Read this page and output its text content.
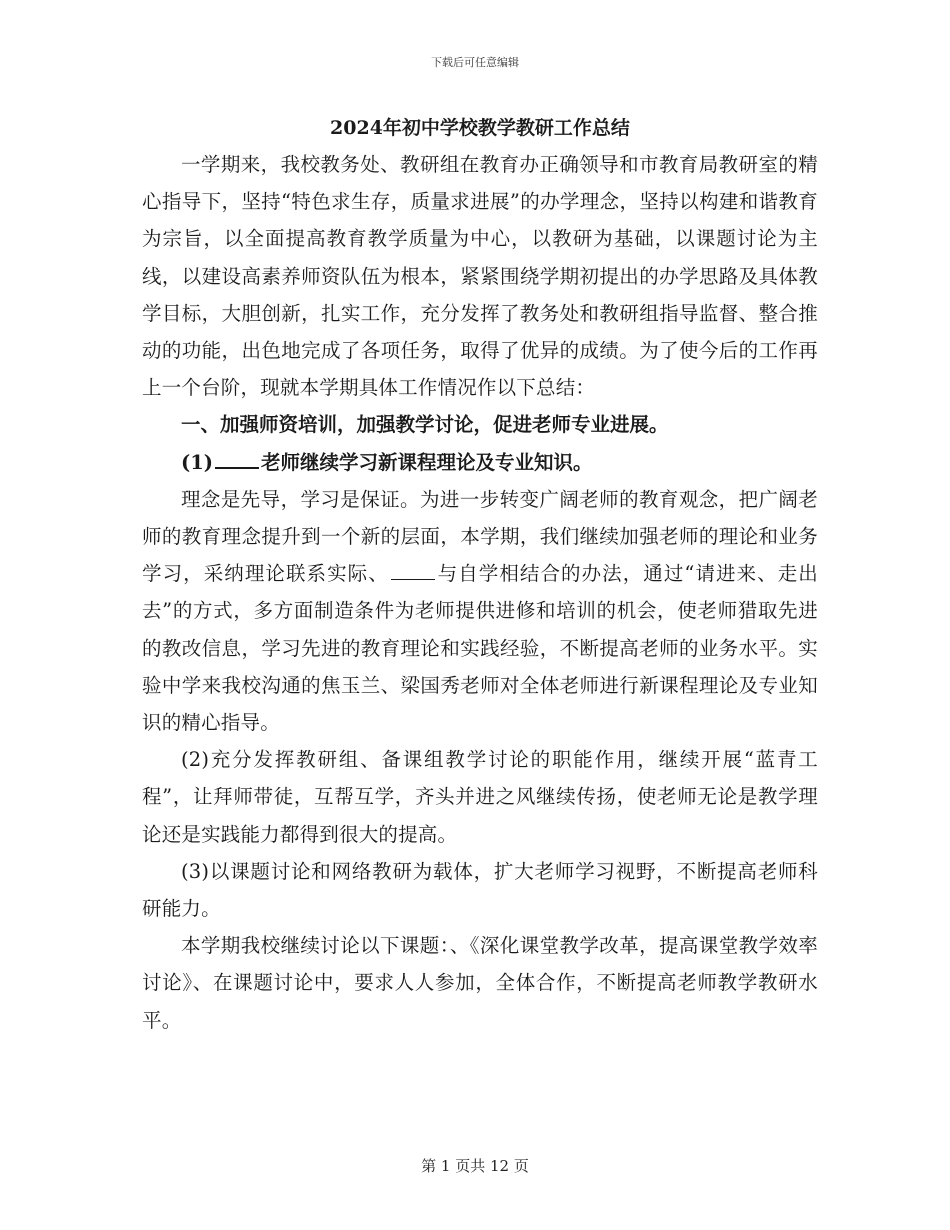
下载后可任意编辑
2024年初中学校教学教研工作总结

一学期来，我校教务处、教研组在教育办正确领导和市教育局教研室的精心指导下，坚持“特色求生存，质量求进展”的办学理念，坚持以构建和谐教育为宗旨，以全面提高教育教学质量为中心，以教研为基础，以课题讨论为主线，以建设高素养师资队伍为根本，紧紧围绕学期初提出的办学思路及具体教学目标，大胆创新，扎实工作，充分发挥了教务处和教研组指导监督、整合推动的功能，出色地完成了各项任务，取得了优异的成绩。为了使今后的工作再上一个台阶，现就本学期具体工作情况作以下总结：

一、加强师资培训，加强教学讨论，促进老师专业进展。

(1) 老师继续学习新课程理论及专业知识。

理念是先导，学习是保证。为进一步转变广阔老师的教育观念，把广阔老师的教育理念提升到一个新的层面，本学期，我们继续加强老师的理论和业务学习，采纳理论联系实际、 与自学相结合的办法，通过“请进来、走出去”的方式，多方面制造条件为老师提供进修和培训的机会，使老师猎取先进的教改信息，学习先进的教育理论和实践经验，不断提高老师的业务水平。实验中学来我校沟通的焦玉兰、梁国秀老师对全体老师进行新课程理论及专业知识的精心指导。

(2)充分发挥教研组、备课组教学讨论的职能作用，继续开展“蓝青工程”，让拜师带徒，互帮互学，齐头并进之风继续传扬，使老师无论是教学理论还是实践能力都得到很大的提高。

(3)以课题讨论和网络教研为载体，扩大老师学习视野，不断提高老师科研能力。

本学期我校继续讨论以下课题：、《深化课堂教学改革，提高课堂教学效率讨论》、在课题讨论中，要求人人参加，全体合作，不断提高老师教学教研水平。

第 1 页共 12 页
